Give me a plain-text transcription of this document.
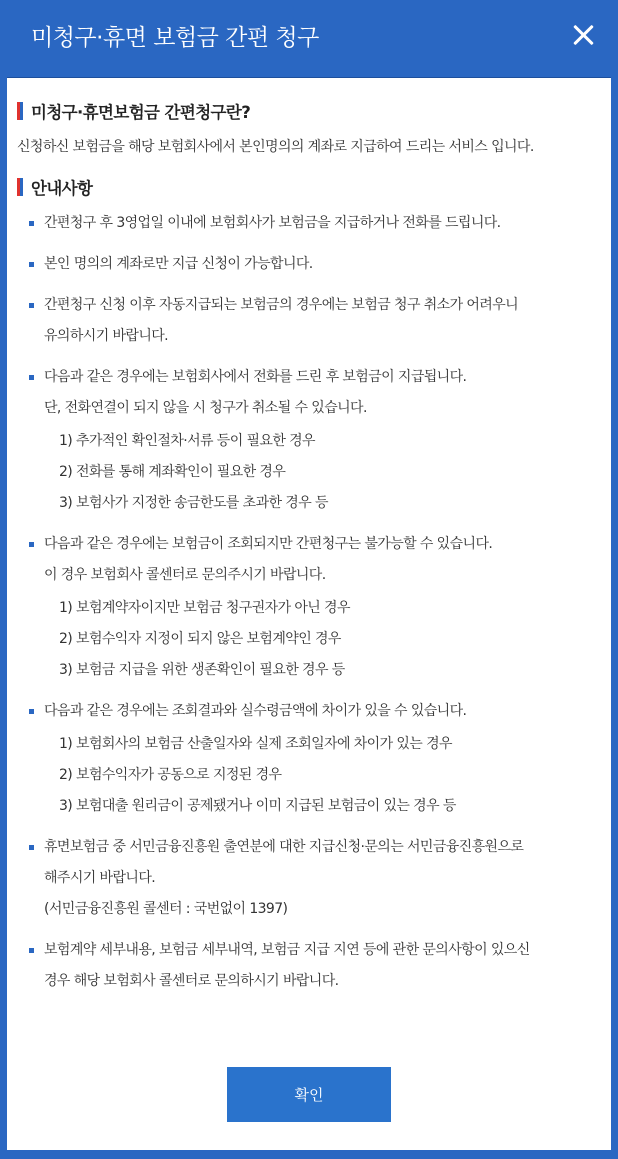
미청구·휴면 보험금 간편 청구
미청구·휴면보험금 간편청구란?

신청하신 보험금을 해당 보험회사에서 본인명의의 계좌로 지급하여 드리는 서비스 입니다.

안내사항
간편청구 후 3영업일 이내에 보험회사가 보험금을 지급하거나 전화를 드립니다.
본인 명의의 계좌로만 지급 신청이 가능합니다.
간편청구 신청 이후 자동지급되는 보험금의 경우에는 보험금 청구 취소가 어려우니
유의하시기 바랍니다.
다음과 같은 경우에는 보험회사에서 전화를 드린 후 보험금이 지급됩니다.
단, 전화연결이 되지 않을 시 청구가 취소될 수 있습니다.
1) 추가적인 확인절차·서류 등이 필요한 경우
2) 전화를 통해 계좌확인이 필요한 경우
3) 보험사가 지정한 송금한도를 초과한 경우 등
다음과 같은 경우에는 보험금이 조회되지만 간편청구는 불가능할 수 있습니다.
이 경우 보험회사 콜센터로 문의주시기 바랍니다.
1) 보험계약자이지만 보험금 청구권자가 아닌 경우
2) 보험수익자 지정이 되지 않은 보험계약인 경우
3) 보험금 지급을 위한 생존확인이 필요한 경우 등
다음과 같은 경우에는 조회결과와 실수령금액에 차이가 있을 수 있습니다.
1) 보험회사의 보험금 산출일자와 실제 조회일자에 차이가 있는 경우
2) 보험수익자가 공동으로 지정된 경우
3) 보험대출 원리금이 공제됐거나 이미 지급된 보험금이 있는 경우 등
휴면보험금 중 서민금융진흥원 출연분에 대한 지급신청·문의는 서민금융진흥원으로
해주시기 바랍니다.
(서민금융진흥원 콜센터 : 국번없이 1397)
보험계약 세부내용, 보험금 세부내역, 보험금 지급 지연 등에 관한 문의사항이 있으신
경우 해당 보험회사 콜센터로 문의하시기 바랍니다.
확인
